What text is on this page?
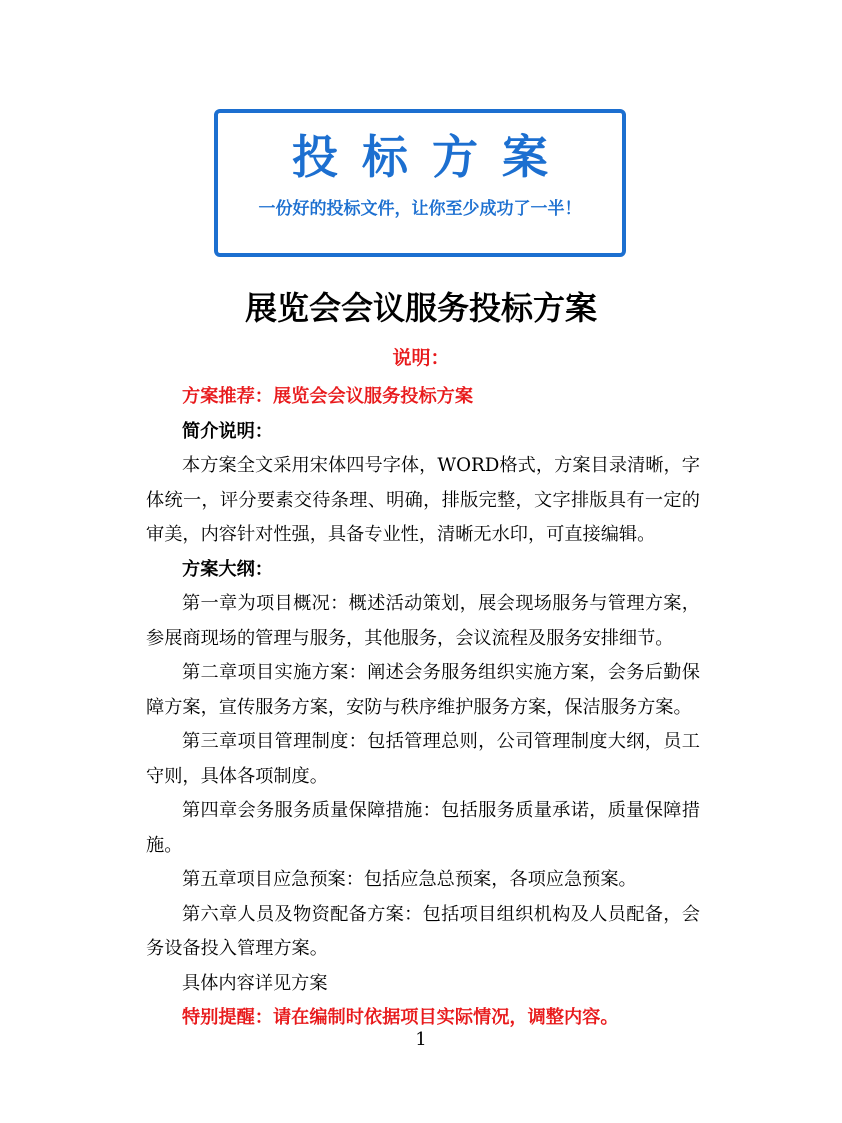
投标方案
一份好的投标文件，让你至少成功了一半！
展览会会议服务投标方案
说明：

方案推荐：展览会会议服务投标方案

简介说明：

本方案全文采用宋体四号字体，WORD格式，方案目录清晰，字体统一，评分要素交待条理、明确，排版完整，文字排版具有一定的审美，内容针对性强，具备专业性，清晰无水印，可直接编辑。

方案大纲：

第一章为项目概况：概述活动策划，展会现场服务与管理方案，参展商现场的管理与服务，其他服务，会议流程及服务安排细节。

第二章项目实施方案：阐述会务服务组织实施方案，会务后勤保障方案，宣传服务方案，安防与秩序维护服务方案，保洁服务方案。

第三章项目管理制度：包括管理总则，公司管理制度大纲，员工守则，具体各项制度。

第四章会务服务质量保障措施：包括服务质量承诺，质量保障措施。

第五章项目应急预案：包括应急总预案，各项应急预案。

第六章人员及物资配备方案：包括项目组织机构及人员配备，会务设备投入管理方案。

具体内容详见方案

特别提醒：请在编制时依据项目实际情况，调整内容。

1
